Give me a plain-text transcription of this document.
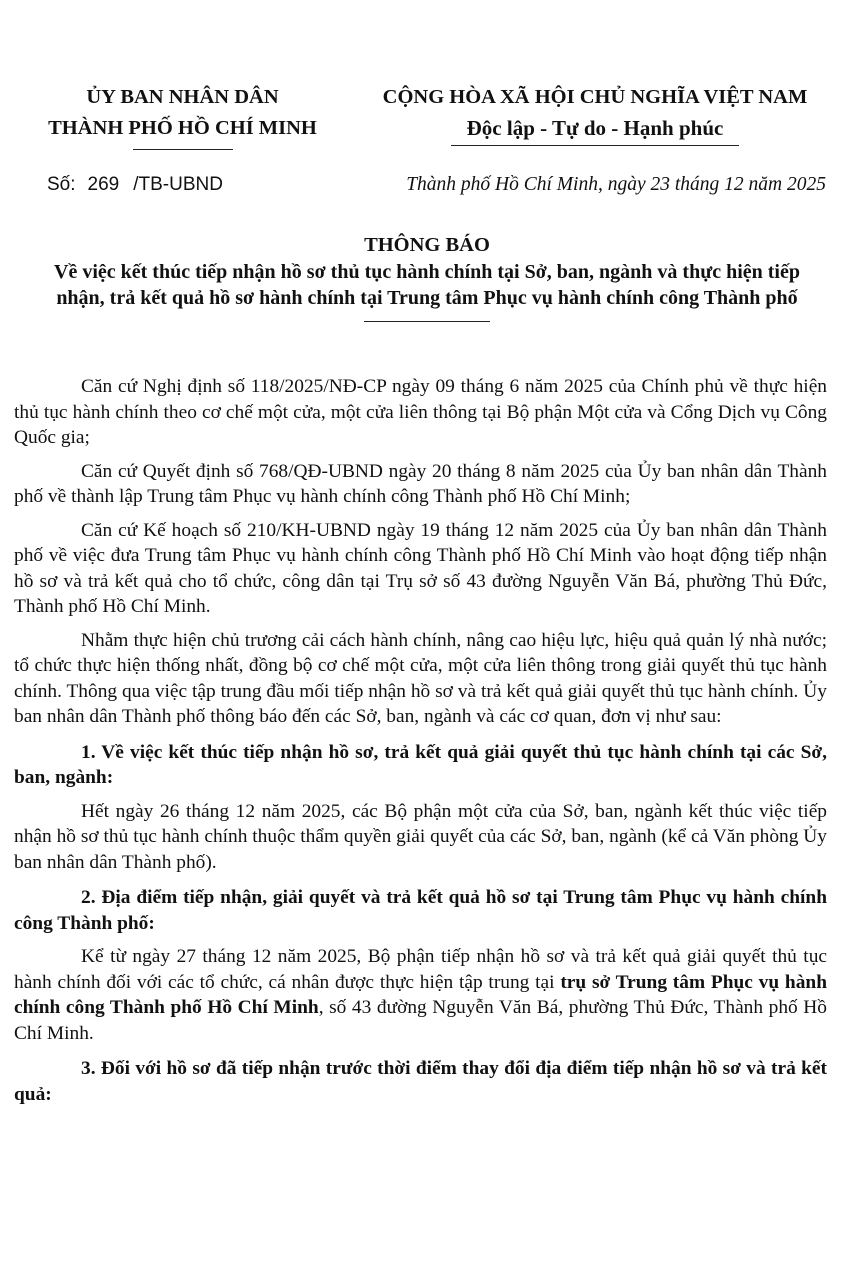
ỦY BAN NHÂN DÂN
THÀNH PHỐ HỒ CHÍ MINH
CỘNG HÒA XÃ HỘI CHỦ NGHĨA VIỆT NAM
Độc lập - Tự do - Hạnh phúc
Số: 269 /TB-UBND	Thành phố Hồ Chí Minh, ngày 23 tháng 12 năm 2025
THÔNG BÁO
Về việc kết thúc tiếp nhận hồ sơ thủ tục hành chính tại Sở, ban, ngành và thực hiện tiếp nhận, trả kết quả hồ sơ hành chính tại Trung tâm Phục vụ hành chính công Thành phố

Căn cứ Nghị định số 118/2025/NĐ-CP ngày 09 tháng 6 năm 2025 của Chính phủ về thực hiện thủ tục hành chính theo cơ chế một cửa, một cửa liên thông tại Bộ phận Một cửa và Cổng Dịch vụ Công Quốc gia;

Căn cứ Quyết định số 768/QĐ-UBND ngày 20 tháng 8 năm 2025 của Ủy ban nhân dân Thành phố về thành lập Trung tâm Phục vụ hành chính công Thành phố Hồ Chí Minh;

Căn cứ Kế hoạch số 210/KH-UBND ngày 19 tháng 12 năm 2025 của Ủy ban nhân dân Thành phố về việc đưa Trung tâm Phục vụ hành chính công Thành phố Hồ Chí Minh vào hoạt động tiếp nhận hồ sơ và trả kết quả cho tổ chức, công dân tại Trụ sở số 43 đường Nguyễn Văn Bá, phường Thủ Đức, Thành phố Hồ Chí Minh.

Nhằm thực hiện chủ trương cải cách hành chính, nâng cao hiệu lực, hiệu quả quản lý nhà nước; tổ chức thực hiện thống nhất, đồng bộ cơ chế một cửa, một cửa liên thông trong giải quyết thủ tục hành chính. Thông qua việc tập trung đầu mối tiếp nhận hồ sơ và trả kết quả giải quyết thủ tục hành chính. Ủy ban nhân dân Thành phố thông báo đến các Sở, ban, ngành và các cơ quan, đơn vị như sau:

1. Về việc kết thúc tiếp nhận hồ sơ, trả kết quả giải quyết thủ tục hành chính tại các Sở, ban, ngành:

Hết ngày 26 tháng 12 năm 2025, các Bộ phận một cửa của Sở, ban, ngành kết thúc việc tiếp nhận hồ sơ thủ tục hành chính thuộc thẩm quyền giải quyết của các Sở, ban, ngành (kể cả Văn phòng Ủy ban nhân dân Thành phố).

2. Địa điểm tiếp nhận, giải quyết và trả kết quả hồ sơ tại Trung tâm Phục vụ hành chính công Thành phố:

Kể từ ngày 27 tháng 12 năm 2025, Bộ phận tiếp nhận hồ sơ và trả kết quả giải quyết thủ tục hành chính đối với các tổ chức, cá nhân được thực hiện tập trung tại trụ sở Trung tâm Phục vụ hành chính công Thành phố Hồ Chí Minh, số 43 đường Nguyễn Văn Bá, phường Thủ Đức, Thành phố Hồ Chí Minh.

3. Đối với hồ sơ đã tiếp nhận trước thời điểm thay đổi địa điểm tiếp nhận hồ sơ và trả kết quả:
